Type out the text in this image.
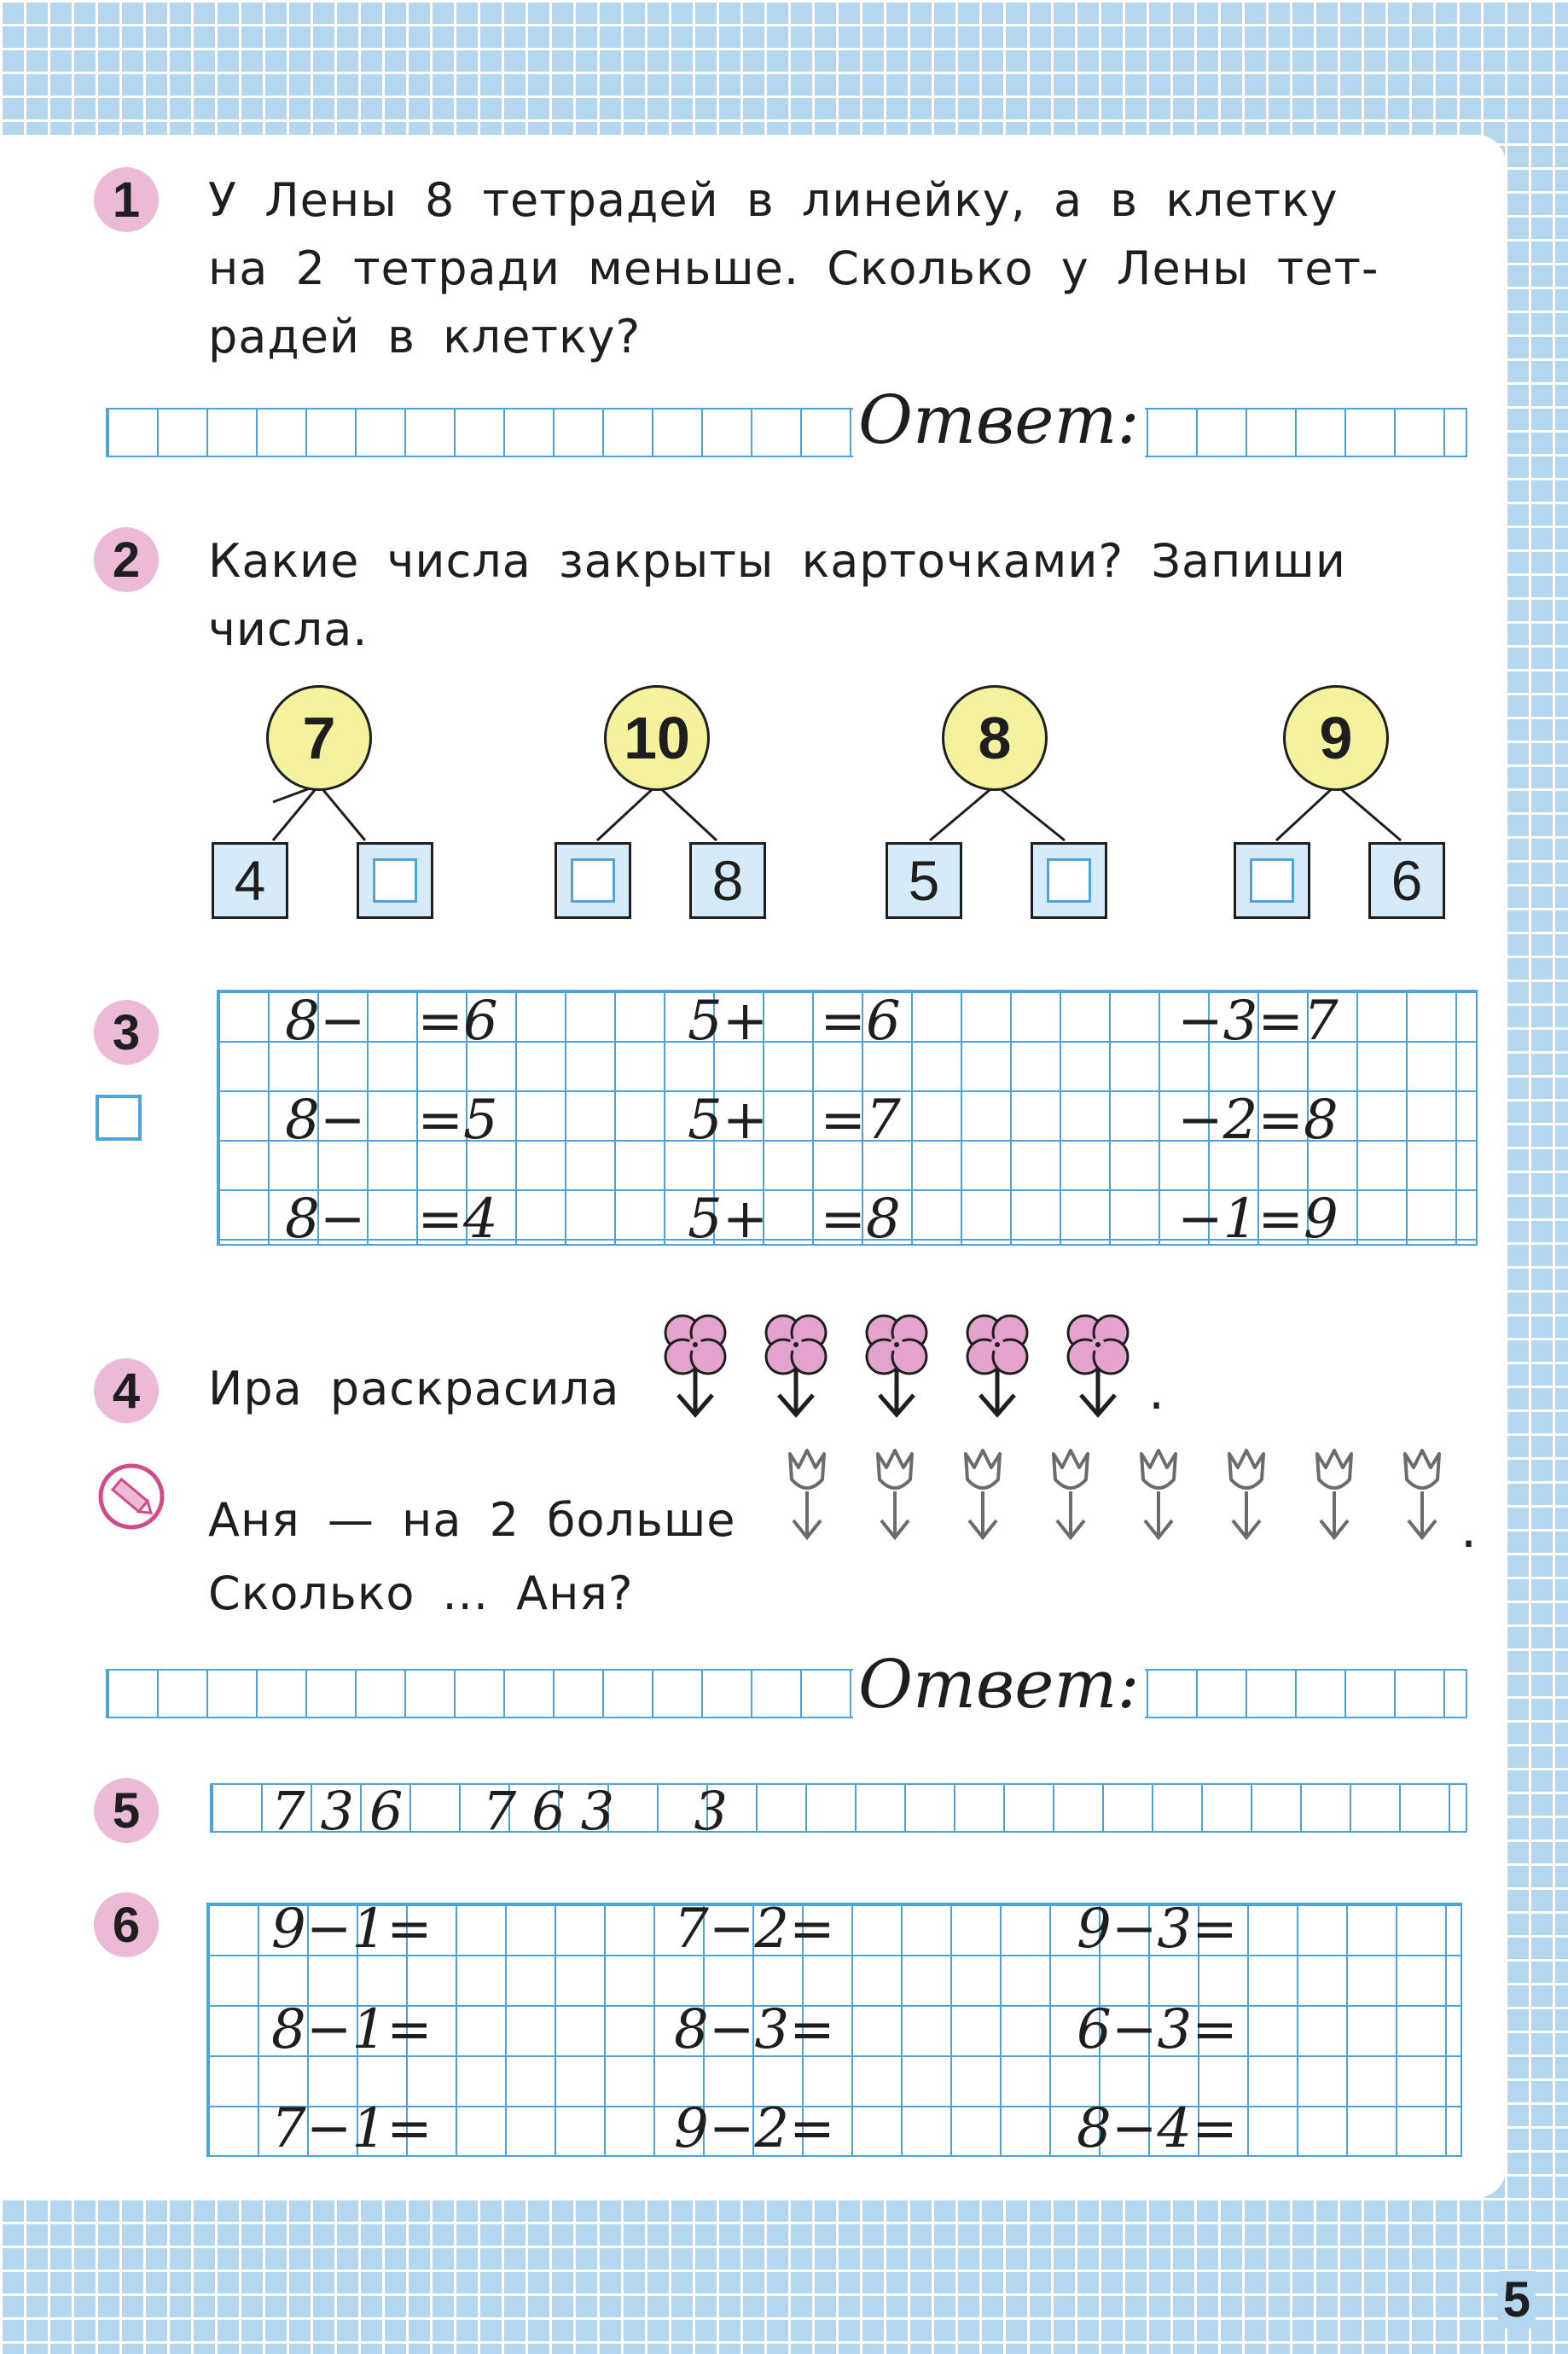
1	У Лены 8 тетрадей в линейку, а в клетку
на 2 тетради меньше. Сколько у Лены тет-
радей в клетку?
Ответ:
2	Какие числа закрыты карточками? Запиши
числа.
7
4
10
8
8
5
9
6
3	8−   =6	5+   =6	−3=7
8−   =5	5+   =7	−2=8
8−   =4	5+   =8	−1=9
4	Ира раскрасила	.
Аня — на 2 больше	.
Сколько ... Аня?
Ответ:
5	736  763  3
6	9−1=	7−2=	9−3=
8−1=	8−3=	6−3=
7−1=	9−2=	8−4=
5
